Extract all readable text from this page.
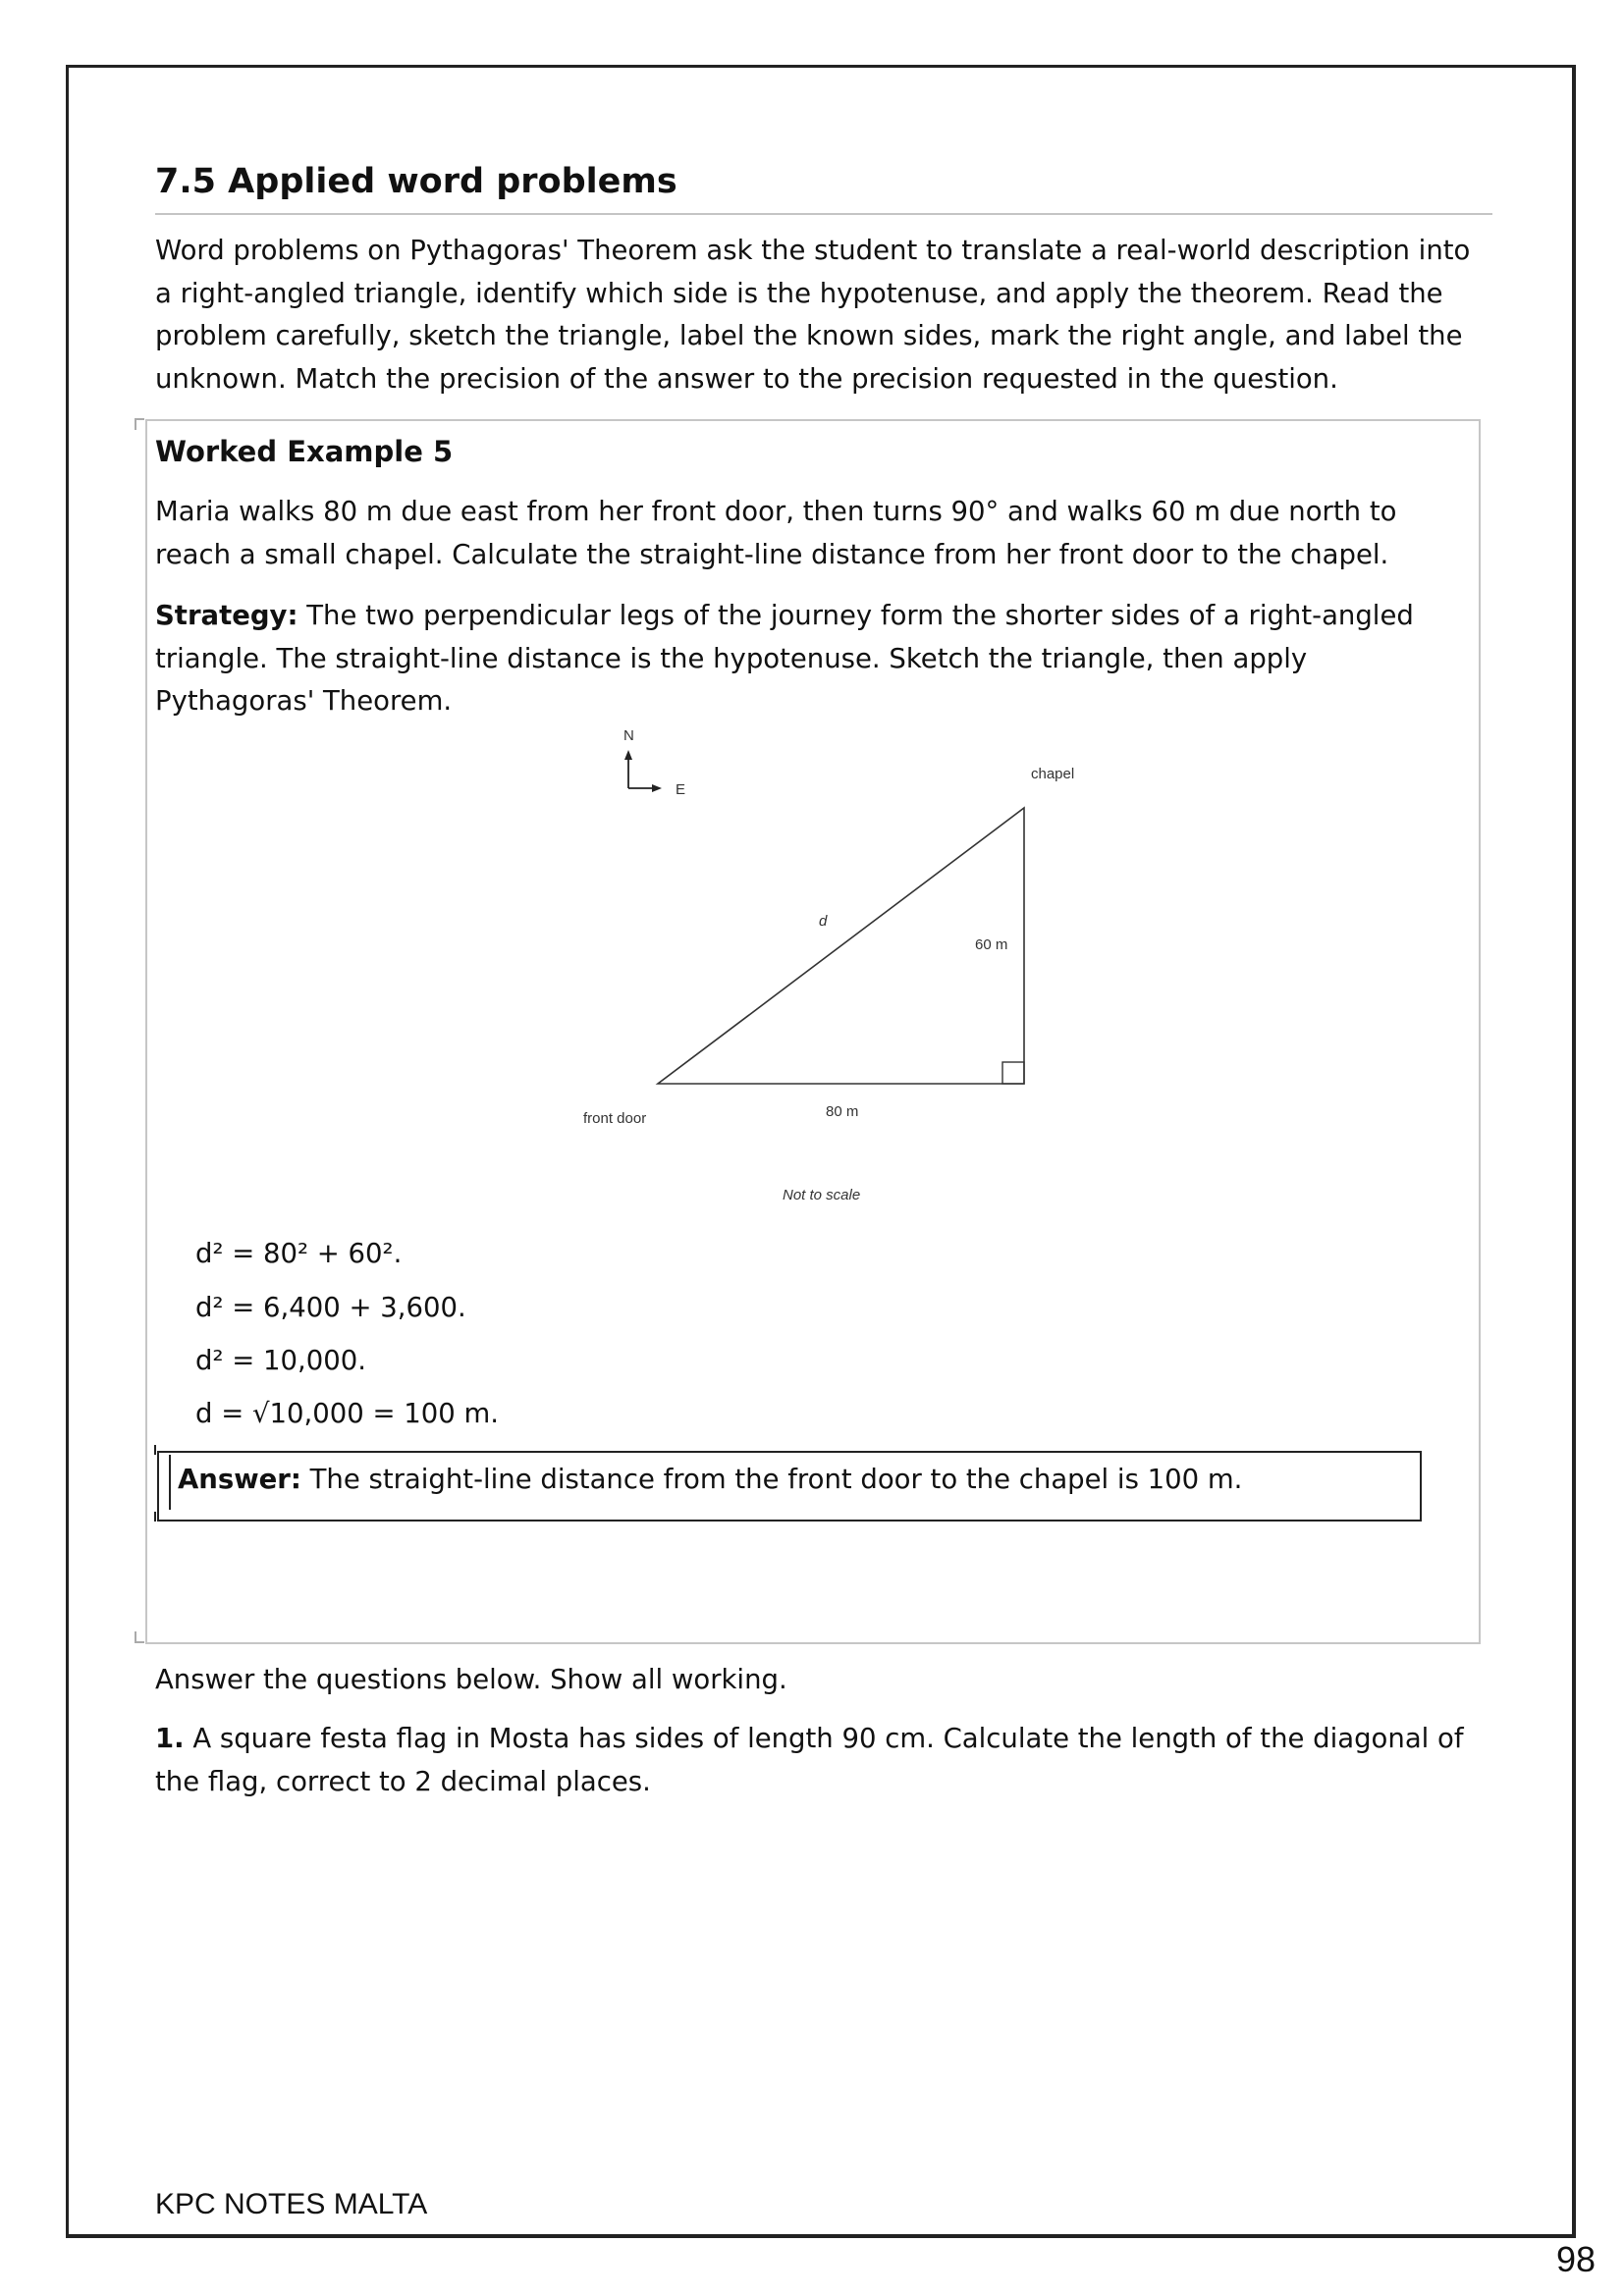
7.5 Applied word problems

Word problems on Pythagoras' Theorem ask the student to translate a real-world description into a right-angled triangle, identify which side is the hypotenuse, and apply the theorem. Read the problem carefully, sketch the triangle, label the known sides, mark the right angle, and label the unknown. Match the precision of the answer to the precision requested in the question.

Worked Example 5

Maria walks 80 m due east from her front door, then turns 90° and walks 60 m due north to reach a small chapel. Calculate the straight-line distance from her front door to the chapel.

Strategy: The two perpendicular legs of the journey form the shorter sides of a right-angled triangle. The straight-line distance is the hypotenuse. Sketch the triangle, then apply Pythagoras' Theorem.

N
E
chapel
front door
d
60 m
80 m
Not to scale

d² = 80² + 60².

d² = 6,400 + 3,600.

d² = 10,000.

d = √10,000 = 100 m.

Answer: The straight-line distance from the front door to the chapel is 100 m.

Answer the questions below. Show all working.

1. A square festa flag in Mosta has sides of length 90 cm. Calculate the length of the diagonal of the flag, correct to 2 decimal places.

KPC NOTES MALTA

98
